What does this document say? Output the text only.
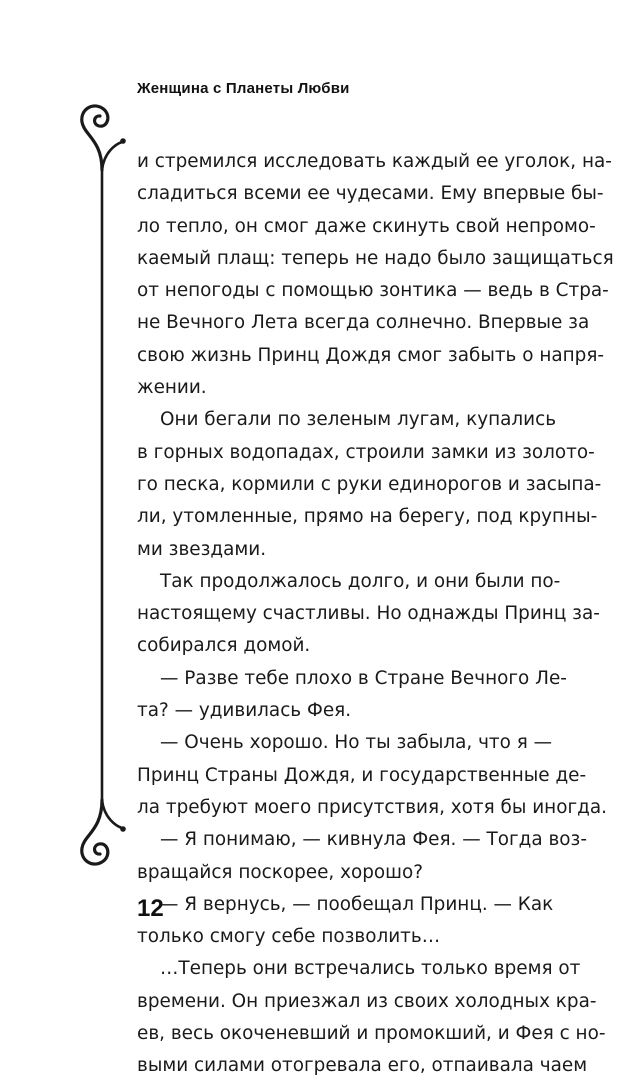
Женщина с Планеты Любви
и стремился исследовать каждый ее уголок, на-
сладиться всеми ее чудесами. Ему впервые бы-
ло тепло, он смог даже скинуть свой непромо-
каемый плащ: теперь не надо было защищаться
от непогоды с помощью зонтика — ведь в Стра-
не Вечного Лета всегда солнечно. Впервые за
свою жизнь Принц Дождя смог забыть о напря-
жении.
Они бегали по зеленым лугам, купались
в горных водопадах, строили замки из золото-
го песка, кормили с руки единорогов и засыпа-
ли, утомленные, прямо на берегу, под крупны-
ми звездами.
Так продолжалось долго, и они были по-
настоящему счастливы. Но однажды Принц за-
собирался домой.
— Разве тебе плохо в Стране Вечного Ле-
та? — удивилась Фея.
— Очень хорошо. Но ты забыла, что я —
Принц Страны Дождя, и государственные де-
ла требуют моего присутствия, хотя бы иногда.
— Я понимаю, — кивнула Фея. — Тогда воз-
вращайся поскорее, хорошо?
— Я вернусь, — пообещал Принц. — Как
только смогу себе позволить…
…Теперь они встречались только время от
времени. Он приезжал из своих холодных кра-
ев, весь окоченевший и промокший, и Фея с но-
выми силами отогревала его, отпаивала чаем
12
